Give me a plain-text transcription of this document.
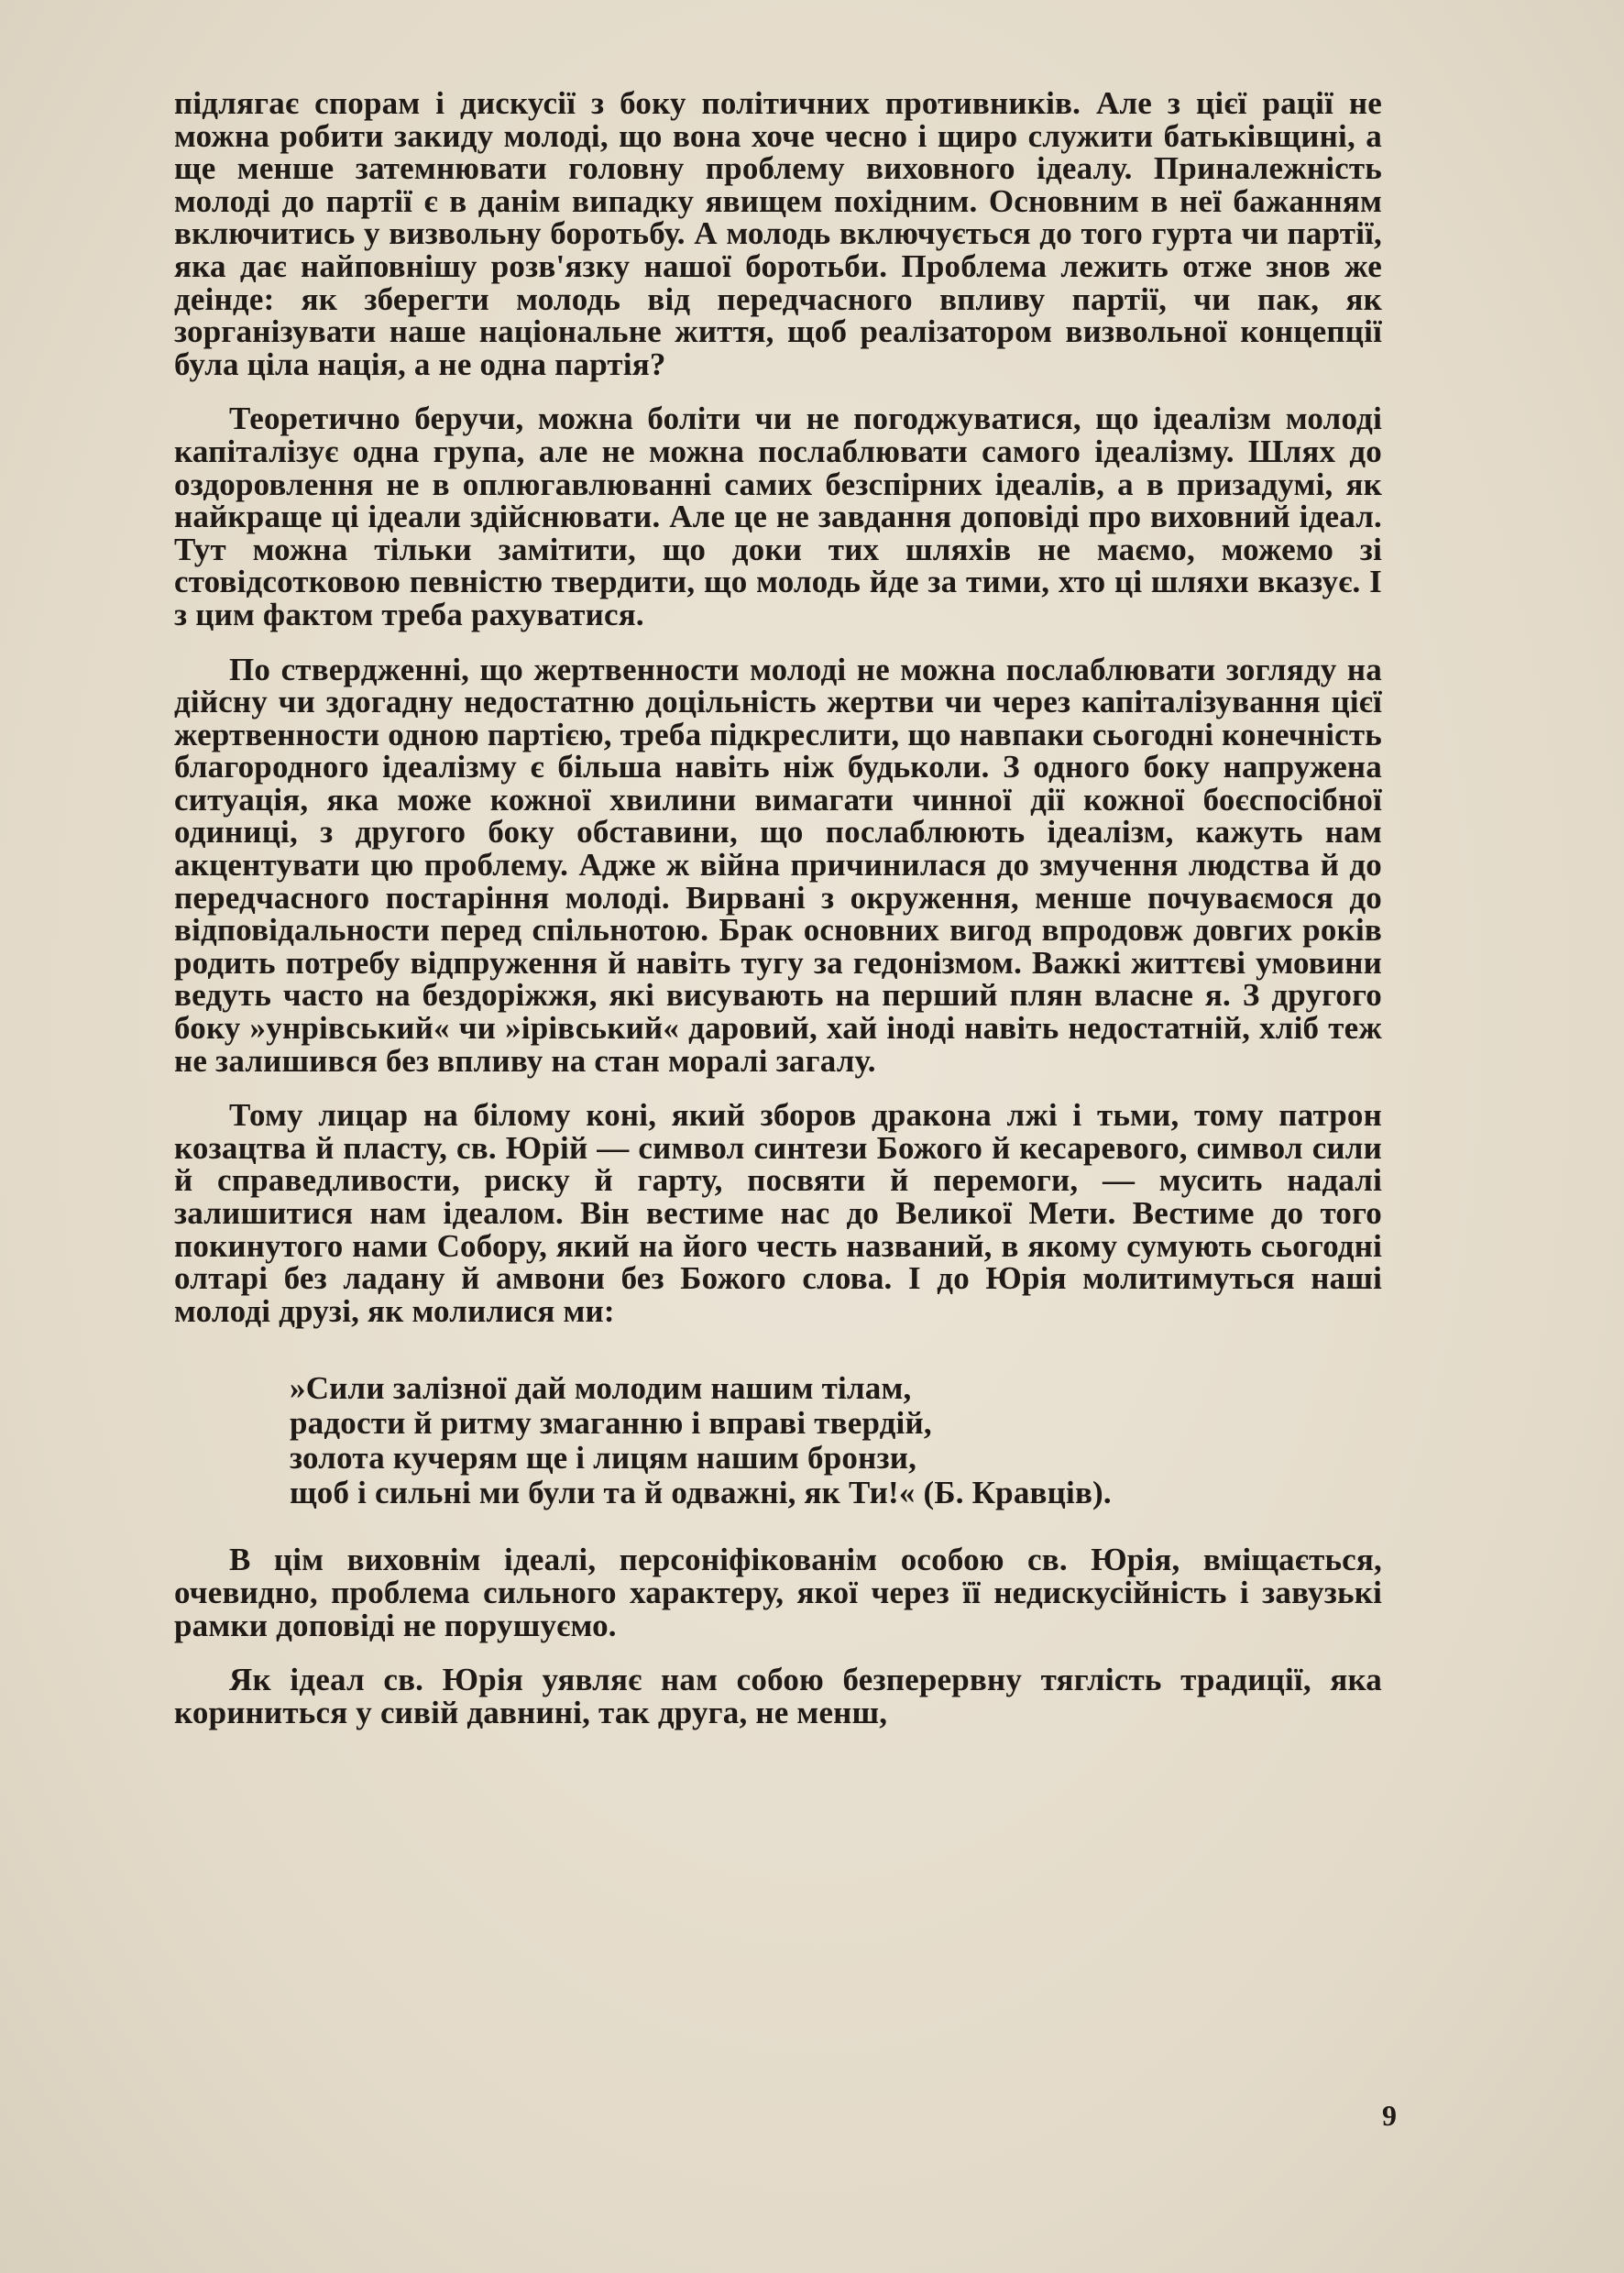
підлягає спорам і дискусії з боку політичних противників. Але з цієї рації не можна робити закиду молоді, що вона хоче чесно і щиро служити батьківщині, а ще менше затемнювати головну проблему виховного ідеалу. Приналежність молоді до партії є в данім випадку явищем похідним. Основним в неї бажанням включитись у визвольну боротьбу. А молодь включується до того гурта чи партії, яка дає найповнішу розв'язку нашої боротьби. Проблема лежить отже знов же деінде: як зберегти молодь від передчасного впливу партії, чи пак, як зорганізувати наше національне життя, щоб реалізатором визвольної концепції була ціла нація, а не одна партія?

Теоретично беручи, можна боліти чи не погоджуватися, що ідеалізм молоді капіталізує одна група, але не можна послаблювати самого ідеалізму. Шлях до оздоровлення не в оплюгавлюванні самих безспірних ідеалів, а в призадумі, як найкраще ці ідеали здійснювати. Але це не завдання доповіді про виховний ідеал. Тут можна тільки замітити, що доки тих шляхів не маємо, можемо зі стовідсотковою певністю твердити, що молодь йде за тими, хто ці шляхи вказує. І з цим фактом треба рахуватися.

По ствердженні, що жертвенности молоді не можна послаблювати зогляду на дійсну чи здогадну недостатню доцільність жертви чи через капіталізування цієї жертвенности одною партією, треба підкреслити, що навпаки сьогодні конечність благородного ідеалізму є більша навіть ніж будьколи. З одного боку напружена ситуація, яка може кожної хвилини вимагати чинної дії кожної боєспосібної одиниці, з другого боку обставини, що послаблюють ідеалізм, кажуть нам акцентувати цю проблему. Адже ж війна причинилася до змучення людства й до передчасного постаріння молоді. Вирвані з окруження, менше почуваємося до відповідальности перед спільнотою. Брак основних вигод впродовж довгих років родить потребу відпруження й навіть тугу за гедонізмом. Важкі життєві умовини ведуть часто на бездоріжжя, які висувають на перший плян власне я. З другого боку »унрівський« чи »ірівський« даровий, хай іноді навіть недостатній, хліб теж не залишився без впливу на стан моралі загалу.

Тому лицар на білому коні, який зборов дракона лжі і тьми, тому патрон козацтва й пласту, св. Юрій — символ синтези Божого й кесаревого, символ сили й справедливости, риску й гарту, посвяти й перемоги, — мусить надалі залишитися нам ідеалом. Він вестиме нас до Великої Мети. Вестиме до того покинутого нами Собору, який на його честь названий, в якому сумують сьогодні олтарі без ладану й амвони без Божого слова. І до Юрія молитимуться наші молоді друзі, як молилися ми:

»Сили залізної дай молодим нашим тілам,
радости й ритму змаганню і вправі твердій,
золота кучерям ще і лицям нашим бронзи,
щоб і сильні ми були та й одважні, як Ти!« (Б. Кравців).

В цім виховнім ідеалі, персоніфікованім особою св. Юрія, вміщається, очевидно, проблема сильного характеру, якої через її недискусійність і завузькі рамки доповіді не порушуємо.

Як ідеал св. Юрія уявляє нам собою безперервну тяглість традиції, яка кориниться у сивій давнині, так друга, не менш,

9
